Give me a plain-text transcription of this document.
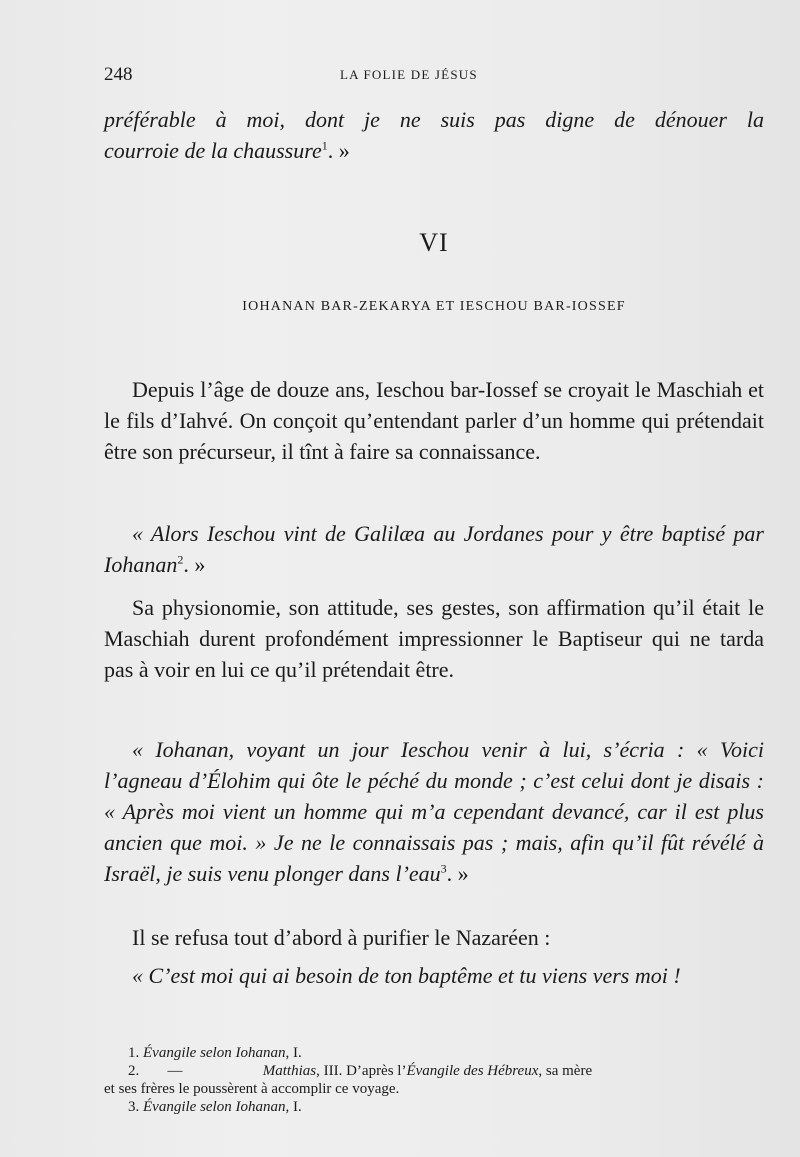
248	LA FOLIE DE JÉSUS

préférable à moi, dont je ne suis pas digne de dénouer la

courroie de la chaussure$^1$. »

VI
IOHANAN BAR-ZEKARYA ET IESCHOU BAR-IOSSEF

Depuis l’âge de douze ans, Ieschou bar-Iossef se croyait le Maschiah et le fils d’Iahvé. On conçoit qu’entendant parler d’un homme qui prétendait être son précurseur, il tînt à faire sa connaissance.

« Alors Ieschou vint de Galilæa au Jordanes pour y être baptisé par Iohanan$^2$. »

Sa physionomie, son attitude, ses gestes, son affirmation qu’il était le Maschiah durent profondément impressionner le Baptiseur qui ne tarda pas à voir en lui ce qu’il prétendait être.

« Iohanan, voyant un jour Ieschou venir à lui, s’écria : « Voici l’agneau d’Élohim qui ôte le péché du monde ; c’est celui dont je disais : « Après moi vient un homme qui m’a cependant devancé, car il est plus ancien que moi. » Je ne le connaissais pas ; mais, afin qu’il fût révélé à Israël, je suis venu plonger dans l’eau$^3$. »

Il se refusa tout d’abord à purifier le Nazaréen :

« C’est moi qui ai besoin de ton baptême et tu viens vers moi !

1. Évangile selon Iohanan, I.

2. —	Matthias, III. D’après l’Évangile des Hébreux, sa mère

et ses frères le poussèrent à accomplir ce voyage.

3. Évangile selon Iohanan, I.
